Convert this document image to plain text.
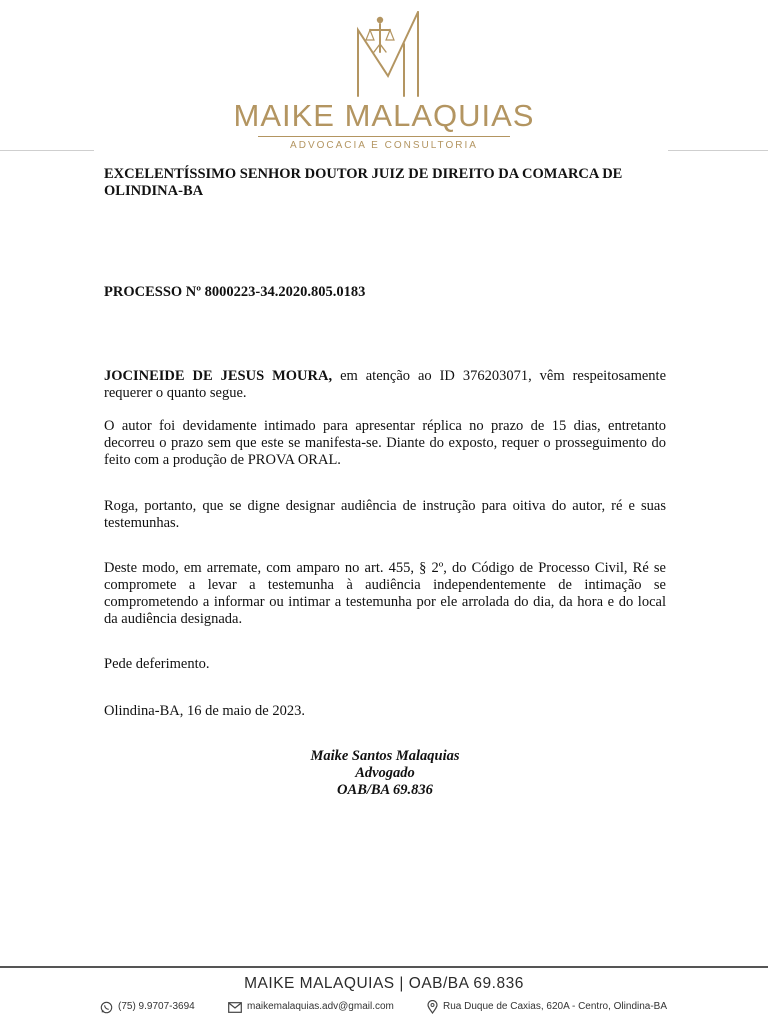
MAIKE MALAQUIAS
ADVOCACIA E CONSULTORIA
EXCELENTÍSSIMO SENHOR DOUTOR JUIZ DE DIREITO DA COMARCA DE OLINDINA-BA
PROCESSO Nº 8000223-34.2020.805.0183
JOCINEIDE DE JESUS MOURA, em atenção ao ID 376203071, vêm respeitosamente requerer o quanto segue.
O autor foi devidamente intimado para apresentar réplica no prazo de 15 dias, entretanto decorreu o prazo sem que este se manifesta-se. Diante do exposto, requer o prosseguimento do feito com a produção de PROVA ORAL.
Roga, portanto, que se digne designar audiência de instrução para oitiva do autor, ré e suas testemunhas.
Deste modo, em arremate, com amparo no art. 455, § 2º, do Código de Processo Civil, Ré se compromete a levar a testemunha à audiência independentemente de intimação se comprometendo a informar ou intimar a testemunha por ele arrolada do dia, da hora e do local da audiência designada.
Pede deferimento.
Olindina-BA, 16 de maio de 2023.
Maike Santos Malaquias
Advogado
OAB/BA 69.836
MAIKE MALAQUIAS | OAB/BA 69.836
(75) 9.9707-3694	maikemalaquias.adv@gmail.com	Rua Duque de Caxias, 620A - Centro, Olindina-BA
